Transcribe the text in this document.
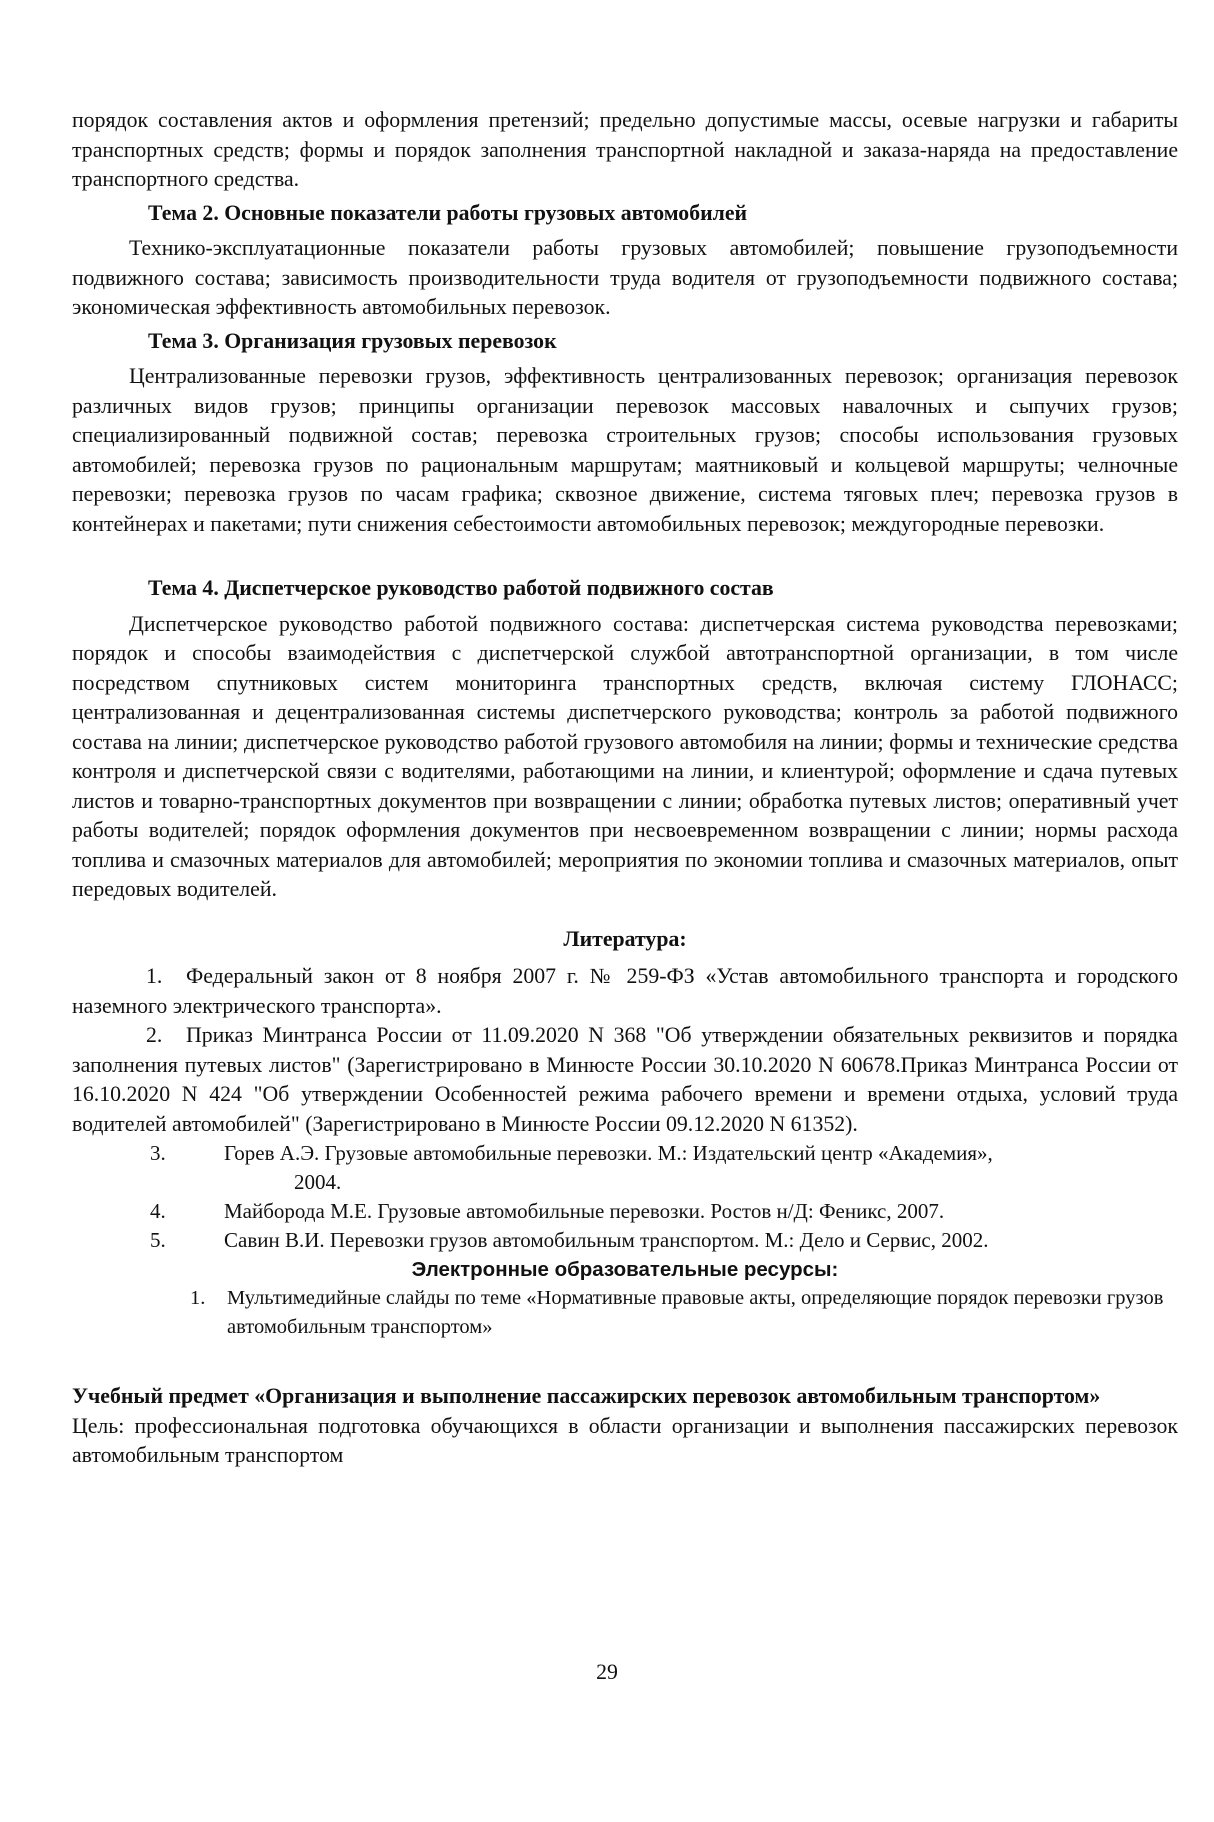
порядок составления актов и оформления претензий; предельно допустимые массы, осевые нагрузки и габариты транспортных средств; формы и порядок заполнения транспортной накладной и заказа-наряда на предоставление транспортного средства.

Тема 2. Основные показатели работы грузовых автомобилей

Технико-эксплуатационные показатели работы грузовых автомобилей; повышение грузоподъемности подвижного состава; зависимость производительности труда водителя от грузоподъемности подвижного состава; экономическая эффективность автомобильных перевозок.

Тема 3. Организация грузовых перевозок

Централизованные перевозки грузов, эффективность централизованных перевозок; организация перевозок различных видов грузов; принципы организации перевозок массовых навалочных и сыпучих грузов; специализированный подвижной состав; перевозка строительных грузов; способы использования грузовых автомобилей; перевозка грузов по рациональным маршрутам; маятниковый и кольцевой маршруты; челночные перевозки; перевозка грузов по часам графика; сквозное движение, система тяговых плеч; перевозка грузов в контейнерах и пакетами; пути снижения себестоимости автомобильных перевозок; междугородные перевозки.

Тема 4. Диспетчерское руководство работой подвижного состав

Диспетчерское руководство работой подвижного состава: диспетчерская система руководства перевозками; порядок и способы взаимодействия с диспетчерской службой автотранспортной организации, в том числе посредством спутниковых систем мониторинга транспортных средств, включая систему ГЛОНАСС; централизованная и децентрализованная системы диспетчерского руководства; контроль за работой подвижного состава на линии; диспетчерское руководство работой грузового автомобиля на линии; формы и технические средства контроля и диспетчерской связи с водителями, работающими на линии, и клиентурой; оформление и сдача путевых листов и товарно-транспортных документов при возвращении с линии; обработка путевых листов; оперативный учет работы водителей; порядок оформления документов при несвоевременном возвращении с линии; нормы расхода топлива и смазочных материалов для автомобилей; мероприятия по экономии топлива и смазочных материалов, опыт передовых водителей.

Литература:

1. Федеральный закон от 8 ноября 2007 г. № 259-ФЗ «Устав автомобильного транспорта и городского наземного электрического транспорта».

2. Приказ Минтранса России от 11.09.2020 N 368 "Об утверждении обязательных реквизитов и порядка заполнения путевых листов" (Зарегистрировано в Минюсте России 30.10.2020 N 60678.Приказ Минтранса России от 16.10.2020 N 424 "Об утверждении Особенностей режима рабочего времени и времени отдыха, условий труда водителей автомобилей" (Зарегистрировано в Минюсте России 09.12.2020 N 61352).

3.	Горев А.Э. Грузовые автомобильные перевозки. М.: Издательский центр «Академия»,
2004.

4.	Майборода М.Е. Грузовые автомобильные перевозки. Ростов н/Д: Феникс, 2007.

5.	Савин В.И. Перевозки грузов автомобильным транспортом. М.: Дело и Сервис, 2002.

Электронные образовательные ресурсы:

1. Мультимедийные слайды по теме «Нормативные правовые акты, определяющие порядок перевозки грузов автомобильным транспортом»

Учебный предмет «Организация и выполнение пассажирских перевозок автомобильным транспортом»

Цель: профессиональная подготовка обучающихся в области организации и выполнения пассажирских перевозок автомобильным транспортом

29
